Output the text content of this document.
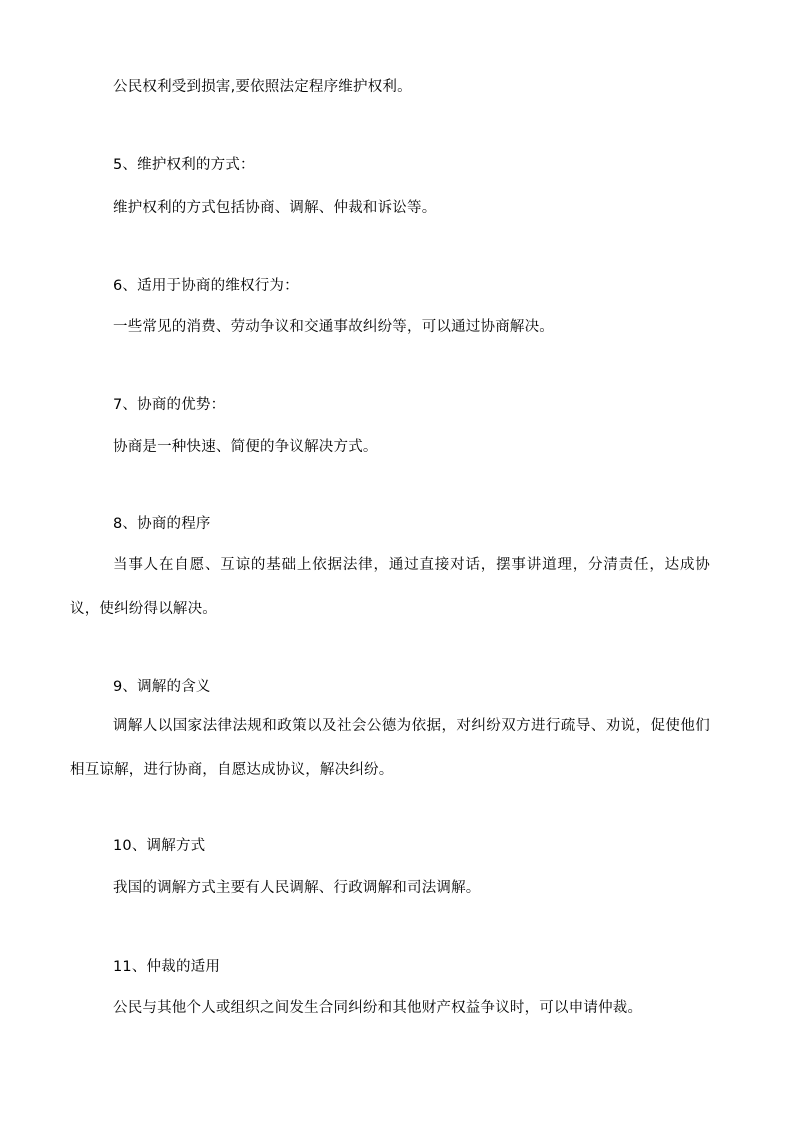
公民权利受到损害,要依照法定程序维护权利。
5、维护权利的方式：
维护权利的方式包括协商、调解、仲裁和诉讼等。
6、适用于协商的维权行为：
一些常见的消费、劳动争议和交通事故纠纷等，可以通过协商解决。
7、协商的优势：
协商是一种快速、简便的争议解决方式。
8、协商的程序
当事人在自愿、互谅的基础上依据法律，通过直接对话，摆事讲道理，分清责任，达成协议，使纠纷得以解决。
9、调解的含义
调解人以国家法律法规和政策以及社会公德为依据，对纠纷双方进行疏导、劝说，促使他们相互谅解，进行协商，自愿达成协议，解决纠纷。
10、调解方式
我国的调解方式主要有人民调解、行政调解和司法调解。
11、仲裁的适用
公民与其他个人或组织之间发生合同纠纷和其他财产权益争议时，可以申请仲裁。
